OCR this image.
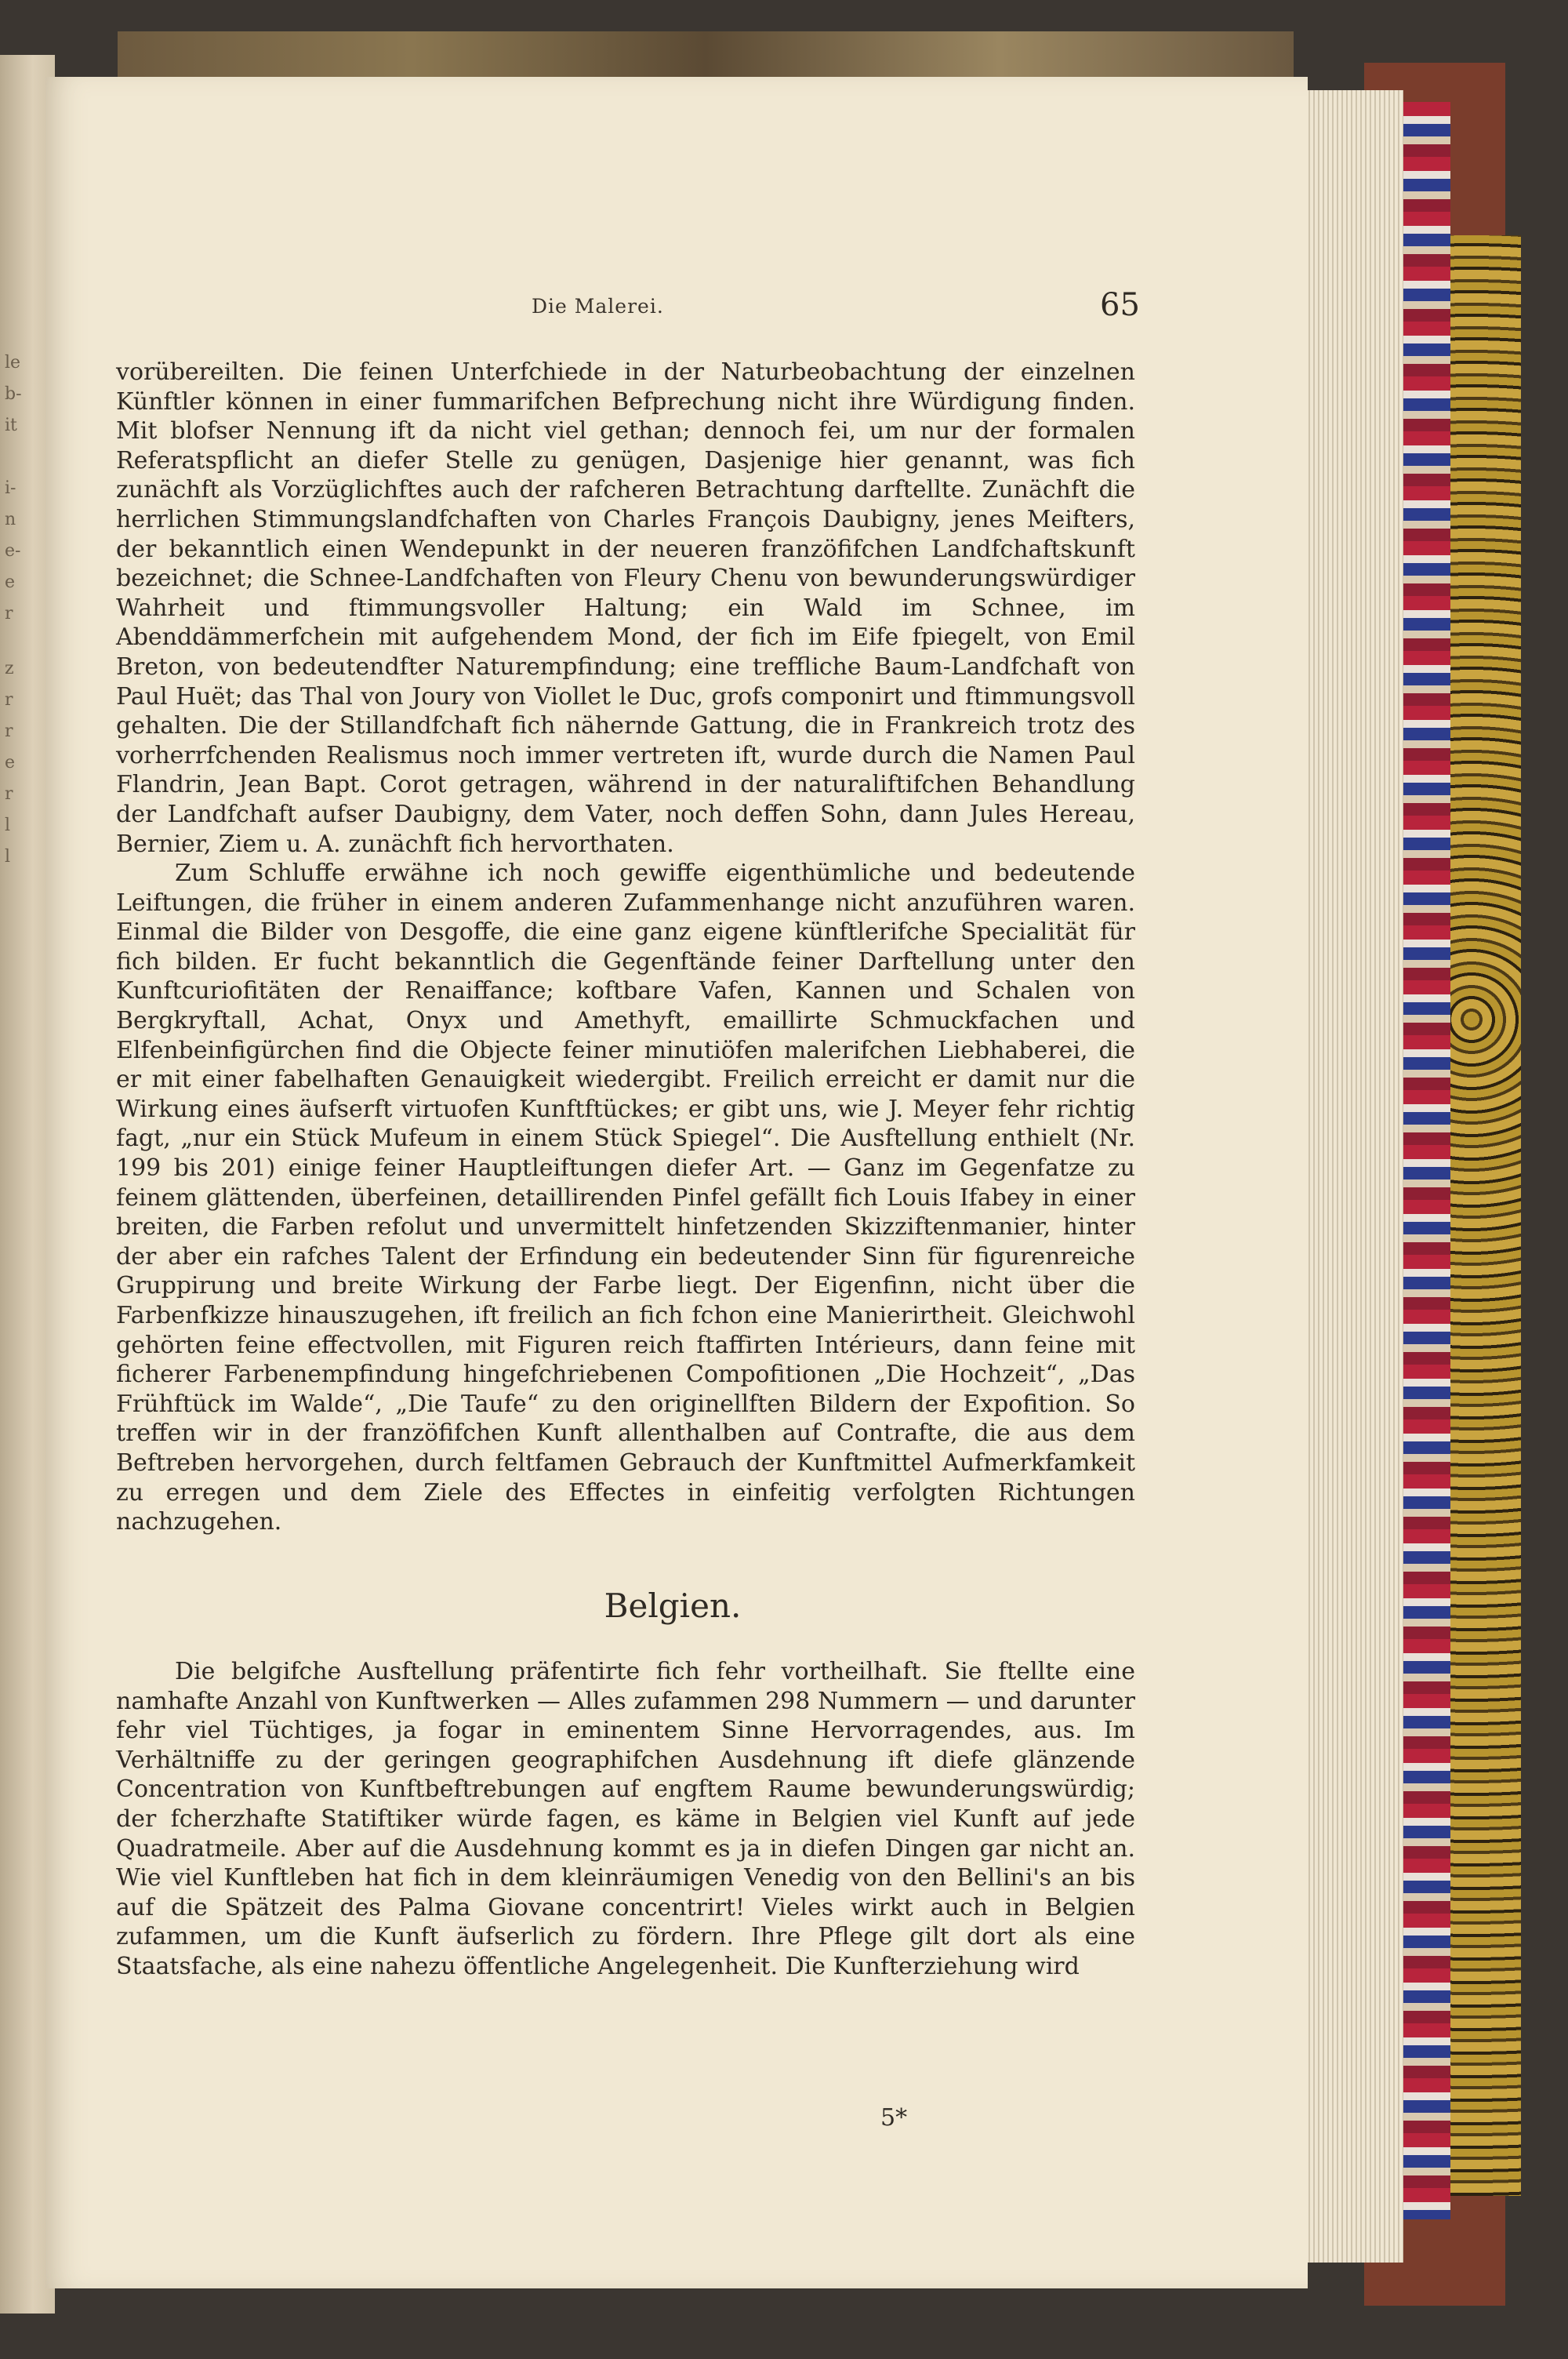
le
b-
it
i-
n
e-
e
r
z
r
r
e
r
l
l
Die Malerei.	65

vorübereilten. Die feinen Unterfchiede in der Naturbeobachtung der einzelnen Künftler können in einer fummarifchen Befprechung nicht ihre Würdigung finden. Mit blofser Nennung ift da nicht viel gethan; dennoch fei, um nur der formalen Referatspflicht an diefer Stelle zu genügen, Dasjenige hier genannt, was fich zunächft als Vorzüglichftes auch der rafcheren Betrachtung darftellte. Zunächft die herrlichen Stimmungslandfchaften von Charles François Daubigny, jenes Meifters, der bekanntlich einen Wendepunkt in der neueren franzöfifchen Landfchaftskunft bezeichnet; die Schnee-Landfchaften von Fleury Chenu von bewunderungswürdiger Wahrheit und ftimmungsvoller Haltung; ein Wald im Schnee, im Abenddämmerfchein mit aufgehendem Mond, der fich im Eife fpiegelt, von Emil Breton, von bedeutendfter Naturempfindung; eine treffliche Baum-Landfchaft von Paul Huët; das Thal von Joury von Viollet le Duc, grofs componirt und ftimmungsvoll gehalten. Die der Stillandfchaft fich nähernde Gattung, die in Frankreich trotz des vorherrfchenden Realismus noch immer vertreten ift, wurde durch die Namen Paul Flandrin, Jean Bapt. Corot getragen, während in der naturaliftifchen Behandlung der Landfchaft aufser Daubigny, dem Vater, noch deffen Sohn, dann Jules Hereau, Bernier, Ziem u. A. zunächft fich hervorthaten.

Zum Schluffe erwähne ich noch gewiffe eigenthümliche und bedeutende Leiftungen, die früher in einem anderen Zufammenhange nicht anzuführen waren. Einmal die Bilder von Desgoffe, die eine ganz eigene künftlerifche Specialität für fich bilden. Er fucht bekanntlich die Gegenftände feiner Darftellung unter den Kunftcuriofitäten der Renaiffance; koftbare Vafen, Kannen und Schalen von Bergkryftall, Achat, Onyx und Amethyft, emaillirte Schmuckfachen und Elfenbeinfigürchen find die Objecte feiner minutiöfen malerifchen Liebhaberei, die er mit einer fabelhaften Genauigkeit wiedergibt. Freilich erreicht er damit nur die Wirkung eines äufserft virtuofen Kunftftückes; er gibt uns, wie J. Meyer fehr richtig fagt, „nur ein Stück Mufeum in einem Stück Spiegel“. Die Ausftellung enthielt (Nr. 199 bis 201) einige feiner Hauptleiftungen diefer Art. — Ganz im Gegenfatze zu feinem glättenden, überfeinen, detaillirenden Pinfel gefällt fich Louis Ifabey in einer breiten, die Farben refolut und unvermittelt hinfetzenden Skizziftenmanier, hinter der aber ein rafches Talent der Erfindung ein bedeutender Sinn für figurenreiche Gruppirung und breite Wirkung der Farbe liegt. Der Eigenfinn, nicht über die Farbenfkizze hinauszugehen, ift freilich an fich fchon eine Manierirtheit. Gleichwohl gehörten feine effectvollen, mit Figuren reich ftaffirten Intérieurs, dann feine mit ficherer Farbenempfindung hingefchriebenen Compofitionen „Die Hochzeit“, „Das Frühftück im Walde“, „Die Taufe“ zu den originellften Bildern der Expofition. So treffen wir in der franzöfifchen Kunft allenthalben auf Contrafte, die aus dem Beftreben hervorgehen, durch feltfamen Gebrauch der Kunftmittel Aufmerkfamkeit zu erregen und dem Ziele des Effectes in einfeitig verfolgten Richtungen nachzugehen.

Belgien.

Die belgifche Ausftellung präfentirte fich fehr vortheilhaft. Sie ftellte eine namhafte Anzahl von Kunftwerken — Alles zufammen 298 Nummern — und darunter fehr viel Tüchtiges, ja fogar in eminentem Sinne Hervorragendes, aus. Im Verhältniffe zu der geringen geographifchen Ausdehnung ift diefe glänzende Concentration von Kunftbeftrebungen auf engftem Raume bewunderungswürdig; der fcherzhafte Statiftiker würde fagen, es käme in Belgien viel Kunft auf jede Quadratmeile. Aber auf die Ausdehnung kommt es ja in diefen Dingen gar nicht an. Wie viel Kunftleben hat fich in dem kleinräumigen Venedig von den Bellini's an bis auf die Spätzeit des Palma Giovane concentrirt! Vieles wirkt auch in Belgien zufammen, um die Kunft äufserlich zu fördern. Ihre Pflege gilt dort als eine Staatsfache, als eine nahezu öffentliche Angelegenheit. Die Kunfterziehung wird

5*
